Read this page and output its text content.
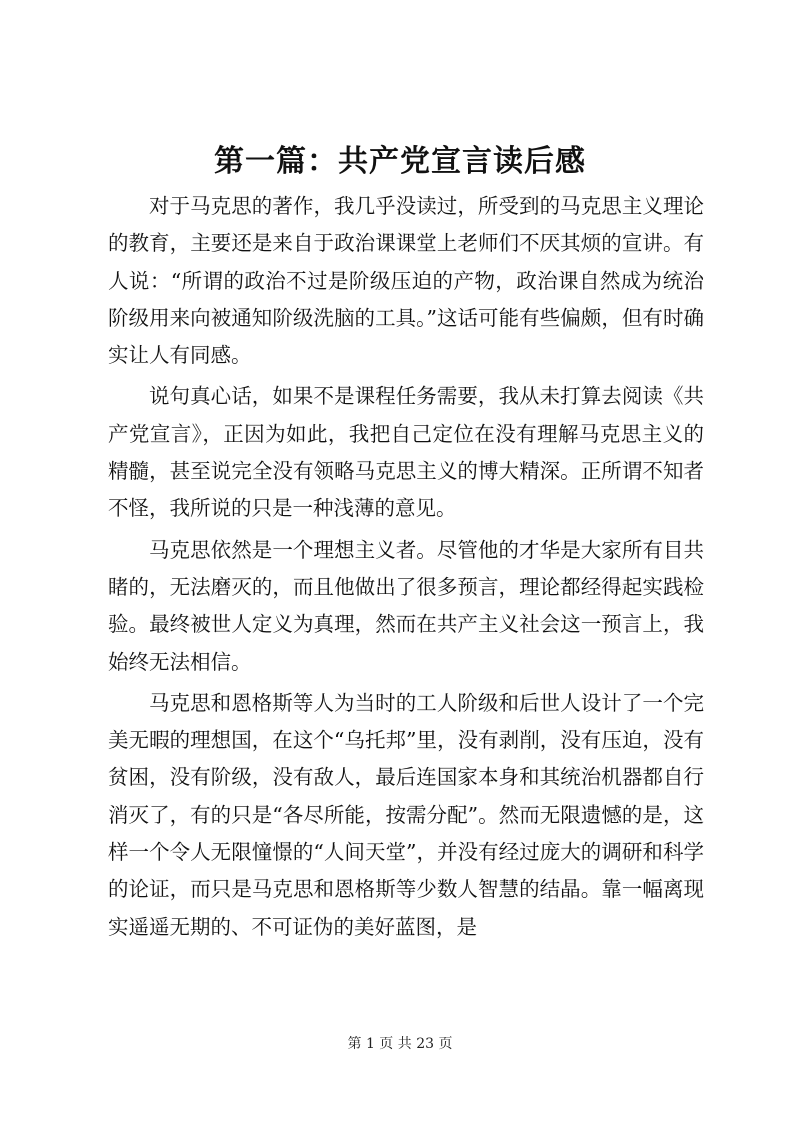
第一篇：共产党宣言读后感

对于马克思的著作，我几乎没读过，所受到的马克思主义理论的教育，主要还是来自于政治课课堂上老师们不厌其烦的宣讲。有人说：“所谓的政治不过是阶级压迫的产物，政治课自然成为统治阶级用来向被通知阶级洗脑的工具。”这话可能有些偏颇，但有时确实让人有同感。

说句真心话，如果不是课程任务需要，我从未打算去阅读《共产党宣言》，正因为如此，我把自己定位在没有理解马克思主义的精髓，甚至说完全没有领略马克思主义的博大精深。正所谓不知者不怪，我所说的只是一种浅薄的意见。

马克思依然是一个理想主义者。尽管他的才华是大家所有目共睹的，无法磨灭的，而且他做出了很多预言，理论都经得起实践检验。最终被世人定义为真理，然而在共产主义社会这一预言上，我始终无法相信。

马克思和恩格斯等人为当时的工人阶级和后世人设计了一个完美无暇的理想国，在这个“乌托邦”里，没有剥削，没有压迫，没有贫困，没有阶级，没有敌人，最后连国家本身和其统治机器都自行消灭了，有的只是“各尽所能，按需分配”。然而无限遗憾的是，这样一个令人无限憧憬的“人间天堂”，并没有经过庞大的调研和科学的论证，而只是马克思和恩格斯等少数人智慧的结晶。靠一幅离现实遥遥无期的、不可证伪的美好蓝图，是

第 1 页 共 23 页
